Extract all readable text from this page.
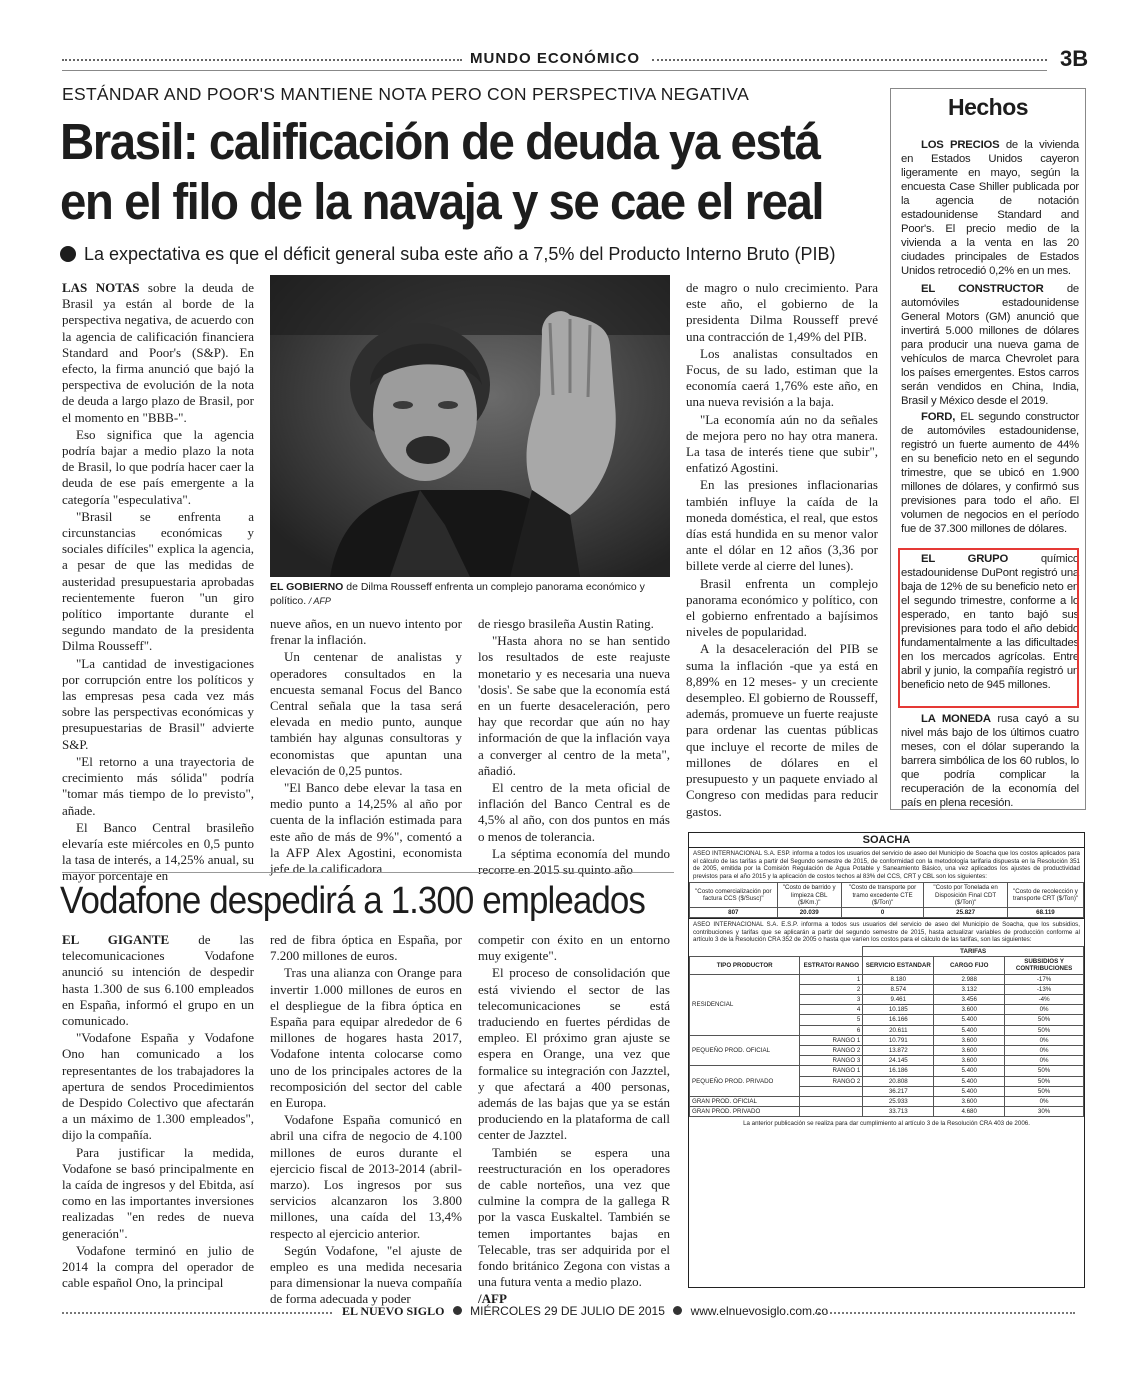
MUNDO ECONÓMICO	3B
ESTÁNDAR AND POOR'S MANTIENE NOTA PERO CON PERSPECTIVA NEGATIVA
Brasil: calificación de deuda ya está
en el filo de la navaja y se cae el real
La expectativa es que el déficit general suba este año a 7,5% del Producto Interno Bruto (PIB)

LAS NOTAS sobre la deuda de Brasil ya están al borde de la perspectiva negativa, de acuerdo con la agencia de calificación financiera Standard and Poor's (S&P). En efecto, la firma anunció que bajó la perspectiva de evolución de la nota de deuda a largo plazo de Brasil, por el momento en "BBB-".

Eso significa que la agencia podría bajar a medio plazo la nota de Brasil, lo que podría hacer caer la deuda de ese país emergente a la categoría "especulativa".

"Brasil se enfrenta a circunstancias económicas y sociales difíciles" explica la agencia, a pesar de que las medidas de austeridad presupuestaria aprobadas recientemente fueron "un giro político importante durante el segundo mandato de la presidenta Dilma Rousseff".

"La cantidad de investigaciones por corrupción entre los políticos y las empresas pesa cada vez más sobre las perspectivas económicas y presupuestarias de Brasil" advierte S&P.

"El retorno a una trayectoria de crecimiento más sólida" podría "tomar más tiempo de lo previsto", añade.

El Banco Central brasileño elevaría este miércoles en 0,5 punto la tasa de interés, a 14,25% anual, su mayor porcentaje en

EL GOBIERNO de Dilma Rousseff enfrenta un complejo panorama económico y político. / AFP

nueve años, en un nuevo intento por frenar la inflación.

Un centenar de analistas y operadores consultados en la encuesta semanal Focus del Banco Central señala que la tasa será elevada en medio punto, aunque también hay algunas consultoras y economistas que apuntan una elevación de 0,25 puntos.

"El Banco debe elevar la tasa en medio punto a 14,25% al año por cuenta de la inflación estimada para este año de más de 9%", comentó a la AFP Alex Agostini, economista jefe de la calificadora

de riesgo brasileña Austin Rating.

"Hasta ahora no se han sentido los resultados de este reajuste monetario y es necesaria una nueva 'dosis'. Se sabe que la economía está en un fuerte desaceleración, pero hay que recordar que aún no hay información de que la inflación vaya a converger al centro de la meta", añadió.

El centro de la meta oficial de inflación del Banco Central es de 4,5% al año, con dos puntos en más o menos de tolerancia.

La séptima economía del mundo recorre en 2015 su quinto año

de magro o nulo crecimiento. Para este año, el gobierno de la presidenta Dilma Rousseff prevé una contracción de 1,49% del PIB.

Los analistas consultados en Focus, de su lado, estiman que la economía caerá 1,76% este año, en una nueva revisión a la baja.

"La economía aún no da señales de mejora pero no hay otra manera. La tasa de interés tiene que subir", enfatizó Agostini.

En las presiones inflacionarias también influye la caída de la moneda doméstica, el real, que estos días está hundida en su menor valor ante el dólar en 12 años (3,36 por billete verde al cierre del lunes).

Brasil enfrenta un complejo panorama económico y político, con el gobierno enfrentado a bajísimos niveles de popularidad.

A la desaceleración del PIB se suma la inflación -que ya está en 8,89% en 12 meses- y un creciente desempleo. El gobierno de Rousseff, además, promueve un fuerte reajuste para ordenar las cuentas públicas que incluye el recorte de miles de millones de dólares en el presupuesto y un paquete enviado al Congreso con medidas para reducir gastos.

Hechos

LOS PRECIOS de la vivienda en Estados Unidos cayeron ligeramente en mayo, según la encuesta Case Shiller publicada por la agencia de notación estadounidense Standard and Poor's. El precio medio de la vivienda a la venta en las 20 ciudades principales de Estados Unidos retrocedió 0,2% en un mes.

EL CONSTRUCTOR de automóviles estadounidense General Motors (GM) anunció que invertirá 5.000 millones de dólares para producir una nueva gama de vehículos de marca Chevrolet para los países emergentes. Estos carros serán vendidos en China, India, Brasil y México desde el 2019.

FORD, EL segundo constructor de automóviles estadounidense, registró un fuerte aumento de 44% en su beneficio neto en el segundo trimestre, que se ubicó en 1.900 millones de dólares, y confirmó sus previsiones para todo el año. El volumen de negocios en el período fue de 37.300 millones de dólares.

EL GRUPO químico estadounidense DuPont registró una baja de 12% de su beneficio neto en el segundo trimestre, conforme a lo esperado, en tanto bajó sus previsiones para todo el año debido fundamentalmente a las dificultades en los mercados agrícolas. Entre abril y junio, la compañía registró un beneficio neto de 945 millones.

LA MONEDA rusa cayó a su nivel más bajo de los últimos cuatro meses, con el dólar superando la barrera simbólica de los 60 rublos, lo que podría complicar la recuperación de la economía del país en plena recesión.

Vodafone despedirá a 1.300 empleados

EL GIGANTE de las telecomunicaciones Vodafone anunció su intención de despedir hasta 1.300 de sus 6.100 empleados en España, informó el grupo en un comunicado.

"Vodafone España y Vodafone Ono han comunicado a los representantes de los trabajadores la apertura de sendos Procedimientos de Despido Colectivo que afectarán a un máximo de 1.300 empleados", dijo la compañía.

Para justificar la medida, Vodafone se basó principalmente en la caída de ingresos y del Ebitda, así como en las importantes inversiones realizadas "en redes de nueva generación".

Vodafone terminó en julio de 2014 la compra del operador de cable español Ono, la principal

red de fibra óptica en España, por 7.200 millones de euros.

Tras una alianza con Orange para invertir 1.000 millones de euros en el despliegue de la fibra óptica en España para equipar alrededor de 6 millones de hogares hasta 2017, Vodafone intenta colocarse como uno de los principales actores de la recomposición del sector del cable en Europa.

Vodafone España comunicó en abril una cifra de negocio de 4.100 millones de euros durante el ejercicio fiscal de 2013-2014 (abril-marzo). Los ingresos por sus servicios alcanzaron los 3.800 millones, una caída del 13,4% respecto al ejercicio anterior.

Según Vodafone, "el ajuste de empleo es una medida necesaria para dimensionar la nueva compañía de forma adecuada y poder

competir con éxito en un entorno muy exigente".

El proceso de consolidación que está viviendo el sector de las telecomunicaciones se está traduciendo en fuertes pérdidas de empleo. El próximo gran ajuste se espera en Orange, una vez que formalice su integración con Jazztel, y que afectará a 400 personas, además de las bajas que ya se están produciendo en la plataforma de call center de Jazztel.

También se espera una reestructuración en los operadores de cable norteños, una vez que culmine la compra de la gallega R por la vasca Euskaltel. También se temen importantes bajas en Telecable, tras ser adquirida por el fondo británico Zegona con vistas a una futura venta a medio plazo.

/AFP

SOACHA
ASEO INTERNACIONAL S.A. ESP. informa a todos los usuarios del servicio de aseo del Municipio de Soacha que los costos aplicados para el cálculo de las tarifas a partir del Segundo semestre de 2015, de conformidad con la metodología tarifaria dispuesta en la Resolución 351 de 2005, emitida por la Comisión Regulación de Agua Potable y Saneamiento Básico, una vez aplicados los ajustes de productividad previstos para el año 2015 y la aplicación de costos techos al 83% del CCS, CRT y CBL son los siguientes:
"Costo comercialización por factura CCS ($/Susc)"	"Costo de barrido y limpieza CBL ($/Km.)"	"Costo de transporte por tramo excedente CTE ($/Ton)"	"Costo por Tonelada en Disposición Final CDT ($/Ton)"	"Costo de recolección y transporte CRT ($/Ton)"
807	20.039	0	25.827	68.119
ASEO INTERNACIONAL S.A. E.S.P. informa a todos sus usuarios del servicio de aseo del Municipio de Soacha, que los subsidios, contribuciones y tarifas que se aplicarán a partir del segundo semestre de 2015, hasta actualizar variables de producción conforme al artículo 3 de la Resolución CRA 352 de 2005 o hasta que varíen los costos para el cálculo de las tarifas, son las siguientes:
		TARIFAS		
TIPO PRODUCTOR	ESTRATO/ RANGO	SERVICIO ESTANDAR	CARGO FIJO	SUBSIDIOS Y CONTRIBUCIONES
RESIDENCIAL	1	8.180	2.988	-17%
	2	8.574	3.132	-13%
	3	9.461	3.456	-4%
	4	10.185	3.600	0%
	5	16.166	5.400	50%
	6	20.611	5.400	50%
PEQUEÑO PROD. OFICIAL	RANGO 1	10.791	3.600	0%
	RANGO 2	13.872	3.600	0%
	RANGO 3	24.145	3.600	0%
PEQUEÑO PROD. PRIVADO	RANGO 1	16.186	5.400	50%
	RANGO 2	20.808	5.400	50%
		36.217	5.400	50%
GRAN PROD. OFICIAL		25.933	3.600	0%
GRAN PROD. PRIVADO		33.713	4.680	30%
La anterior publicación se realiza para dar cumplimiento al artículo 3 de la Resolución CRA 403 de 2006.
EL NUEVO SIGLO MIÉRCOLES 29 DE JULIO DE 2015 www.elnuevosiglo.com.co
